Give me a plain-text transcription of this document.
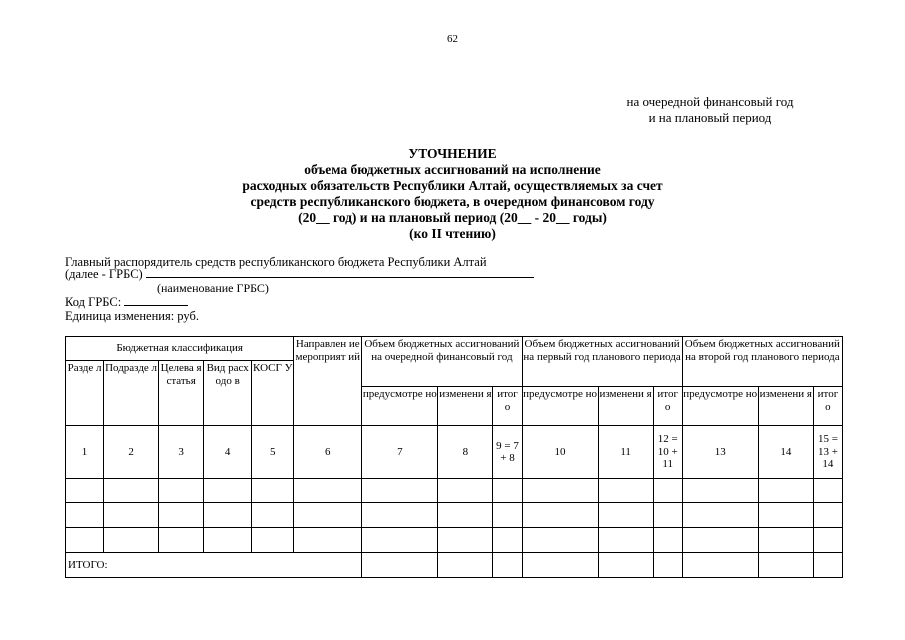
62
на очередной финансовый год
и на плановый период
УТОЧНЕНИЕ
объема бюджетных ассигнований на исполнение
расходных обязательств Республики Алтай, осуществляемых за счет
средств республиканского бюджета, в очередном финансовом году
(20__ год) и на плановый период (20__ - 20__ годы)
(ко II чтению)
Главный распорядитель средств республиканского бюджета Республики Алтай
(далее - ГРБС)
(наименование ГРБС)
Код ГРБС:
Единица изменения: руб.
Бюджетная классификация					Направлен ие мероприят ий	Объем бюджетных ассигнований на очередной финансовый год			Объем бюджетных ассигнований на первый год планового периода			Объем бюджетных ассигнований на второй год планового периода		
Разде л	Подразде л	Целева я статья	Вид расходо в	КОСГ У										
						предусмотре но	изменени я	итог о	предусмотре но	изменени я	итог о	предусмотре но	изменени я	итог о
1	2	3	4	5	6	7	8	9 = 7 + 8	10	11	12 = 10 + 11	13	14	15 = 13 + 14

ИТОГО:														
